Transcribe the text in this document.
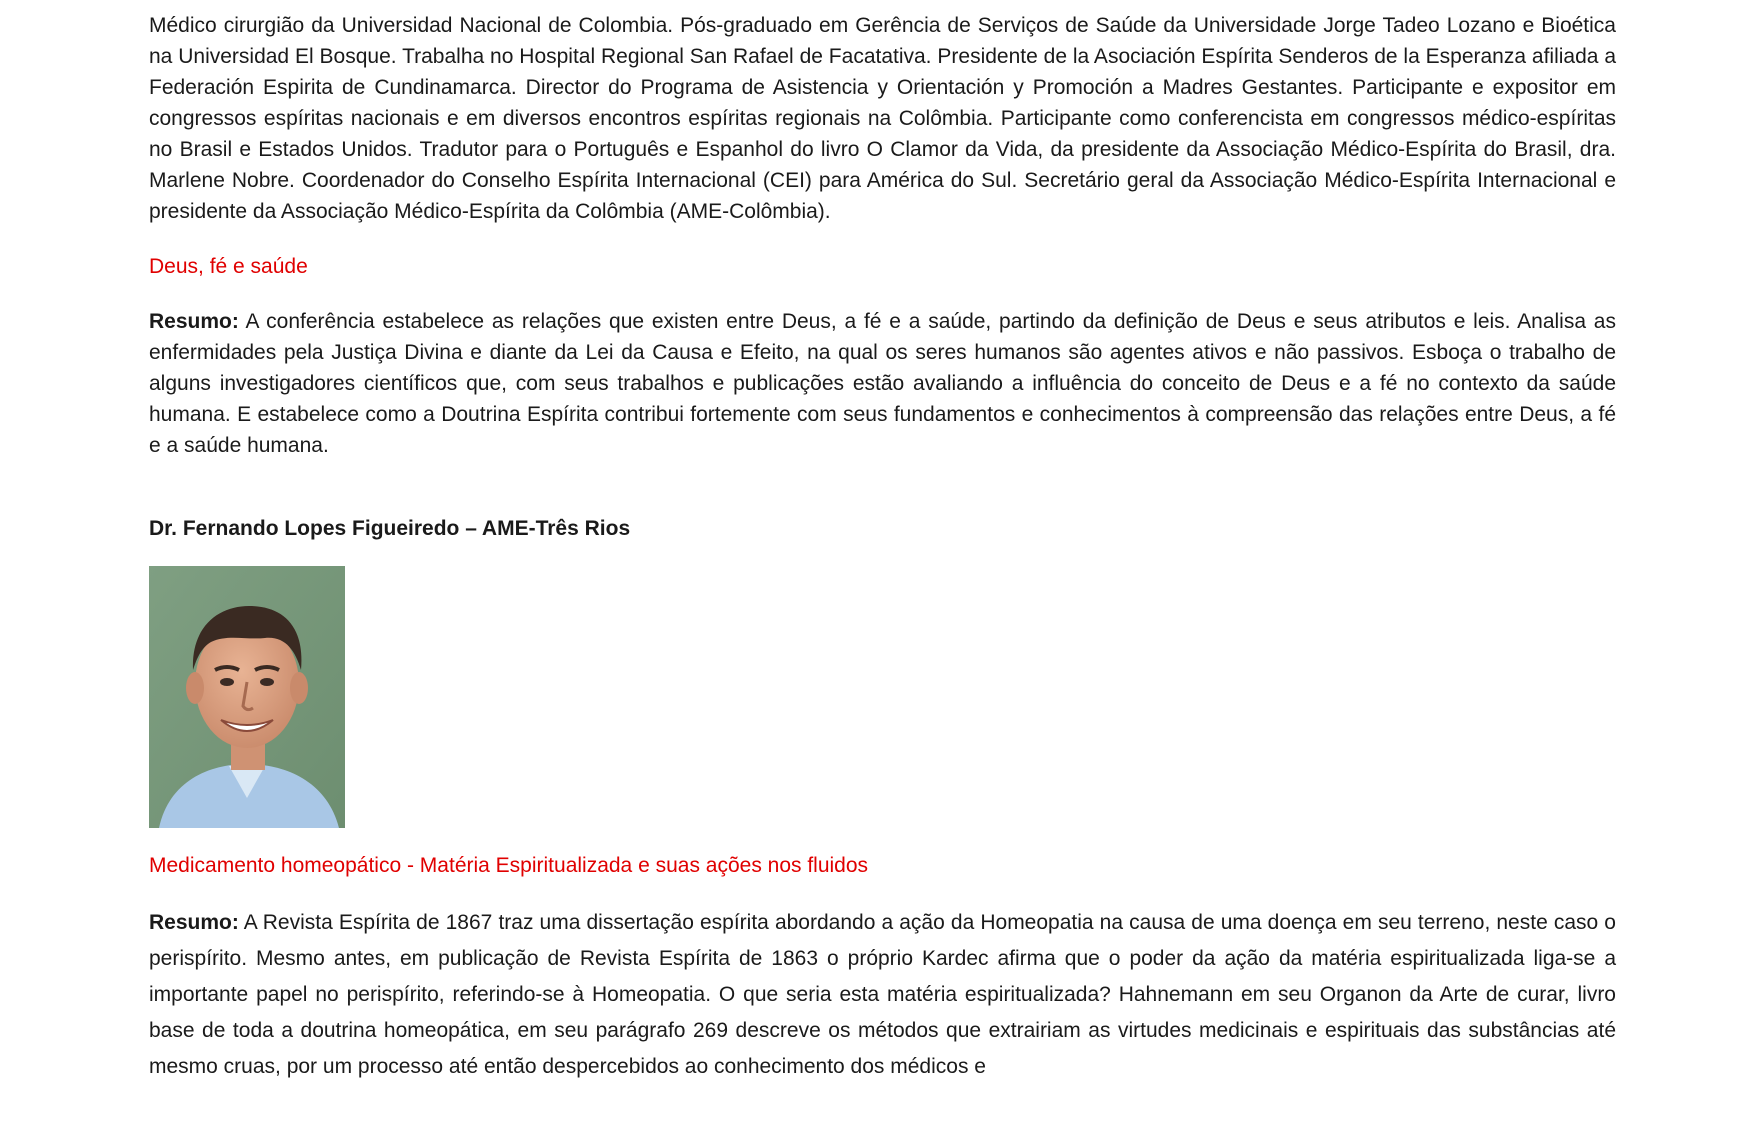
Médico cirurgião da Universidad Nacional de Colombia. Pós-graduado em Gerência de Serviços de Saúde da Universidade Jorge Tadeo Lozano e Bioética na Universidad El Bosque. Trabalha no Hospital Regional San Rafael de Facatativa. Presidente de la Asociación Espírita Senderos de la Esperanza afiliada a Federación Espirita de Cundinamarca. Director do Programa de Asistencia y Orientación y Promoción a Madres Gestantes. Participante e expositor em congressos espíritas nacionais e em diversos encontros espíritas regionais na Colômbia. Participante como conferencista em congressos médico-espíritas no Brasil e Estados Unidos. Tradutor para o Português e Espanhol do livro O Clamor da Vida, da presidente da Associação Médico-Espírita do Brasil, dra. Marlene Nobre. Coordenador do Conselho Espírita Internacional (CEI) para América do Sul. Secretário geral da Associação Médico-Espírita Internacional e presidente da Associação Médico-Espírita da Colômbia (AME-Colômbia).

Deus, fé e saúde

Resumo: A conferência estabelece as relações que existen entre Deus, a fé e a saúde, partindo da definição de Deus e seus atributos e leis. Analisa as enfermidades pela Justiça Divina e diante da Lei da Causa e Efeito, na qual os seres humanos são agentes ativos e não passivos. Esboça o trabalho de alguns investigadores científicos que, com seus trabalhos e publicações estão avaliando a influência do conceito de Deus e a fé no contexto da saúde humana. E estabelece como a Doutrina Espírita contribui fortemente com seus fundamentos e conhecimentos à compreensão das relações entre Deus, a fé e a saúde humana.

Dr. Fernando Lopes Figueiredo – AME-Três Rios

Medicamento homeopático - Matéria Espiritualizada e suas ações nos fluidos

Resumo: A Revista Espírita de 1867 traz uma dissertação espírita abordando a ação da Homeopatia na causa de uma doença em seu terreno, neste caso o perispírito. Mesmo antes, em publicação de Revista Espírita de 1863 o próprio Kardec afirma que o poder da ação da matéria espiritualizada liga-se a importante papel no perispírito, referindo-se à Homeopatia. O que seria esta matéria espiritualizada? Hahnemann em seu Organon da Arte de curar, livro base de toda a doutrina homeopática, em seu parágrafo 269 descreve os métodos que extrairiam as virtudes medicinais e espirituais das substâncias até mesmo cruas, por um processo até então despercebidos ao conhecimento dos médicos e
